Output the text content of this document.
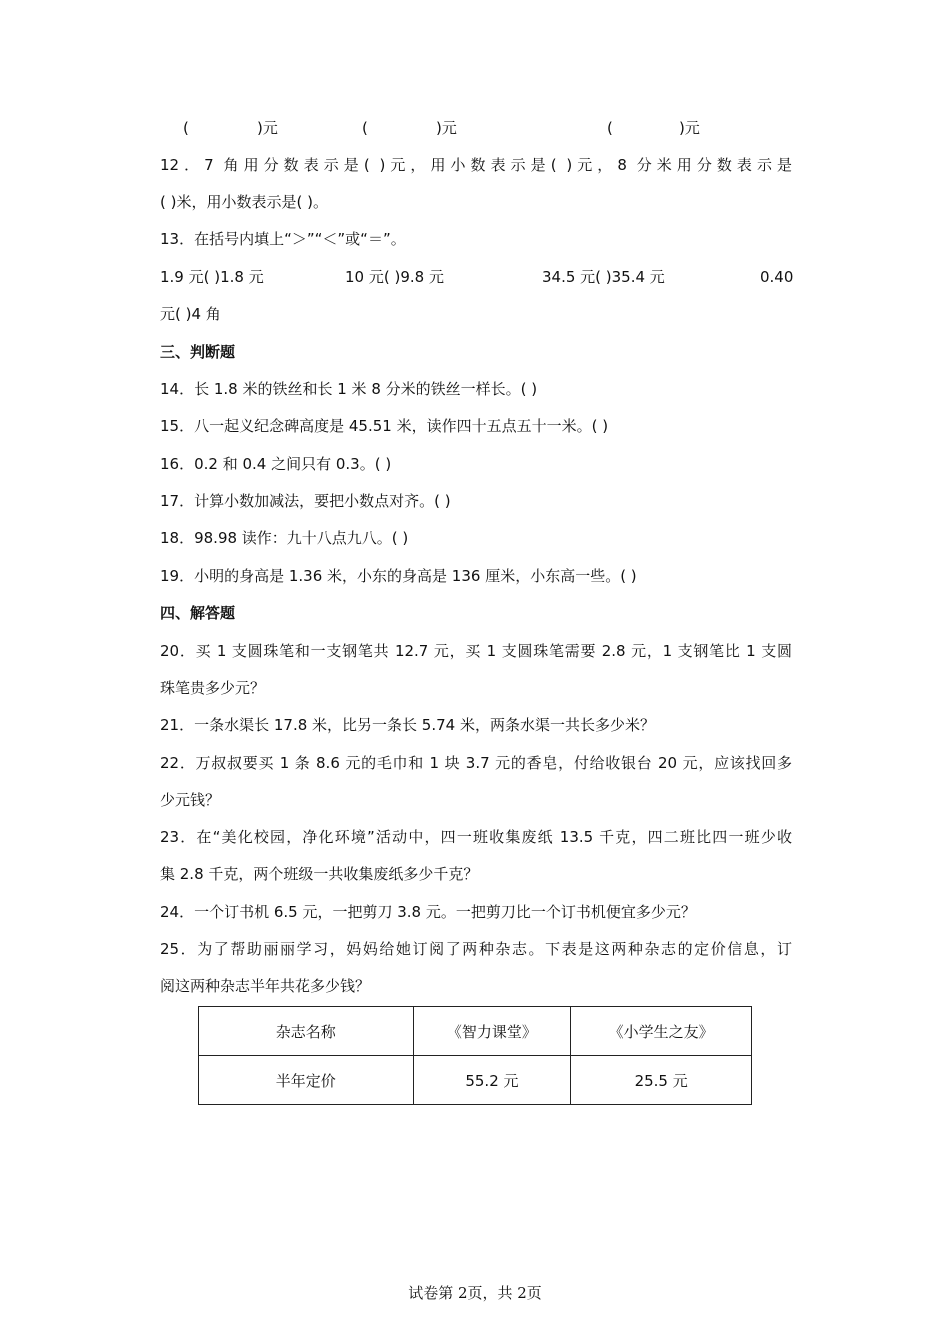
(	)元	(	)元	(	)元
12．7 角用分数表示是( )元，用小数表示是( )元，8 分米用分数表示是
( )米，用小数表示是( )。
13．在括号内填上“＞”“＜”或“＝”。
1.9 元( )1.8 元	10 元( )9.8 元	34.5 元( )35.4 元	0.40
元( )4 角
三、判断题
14．长 1.8 米的铁丝和长 1 米 8 分米的铁丝一样长。( )
15．八一起义纪念碑高度是 45.51 米，读作四十五点五十一米。( )
16．0.2 和 0.4 之间只有 0.3。( )
17．计算小数加减法，要把小数点对齐。( )
18．98.98 读作：九十八点九八。( )
19．小明的身高是 1.36 米，小东的身高是 136 厘米，小东高一些。( )
四、解答题
20．买 1 支圆珠笔和一支钢笔共 12.7 元，买 1 支圆珠笔需要 2.8 元，1 支钢笔比 1 支圆
珠笔贵多少元？
21．一条水渠长 17.8 米，比另一条长 5.74 米，两条水渠一共长多少米？
22．万叔叔要买 1 条 8.6 元的毛巾和 1 块 3.7 元的香皂，付给收银台 20 元，应该找回多
少元钱？
23．在“美化校园，净化环境”活动中，四一班收集废纸 13.5 千克，四二班比四一班少收
集 2.8 千克，两个班级一共收集废纸多少千克？
24．一个订书机 6.5 元，一把剪刀 3.8 元。一把剪刀比一个订书机便宜多少元？
25．为了帮助丽丽学习，妈妈给她订阅了两种杂志。下表是这两种杂志的定价信息，订
阅这两种杂志半年共花多少钱？
杂志名称	《智力课堂》	《小学生之友》
半年定价	55.2 元	25.5 元
试卷第 2页，共 2页
